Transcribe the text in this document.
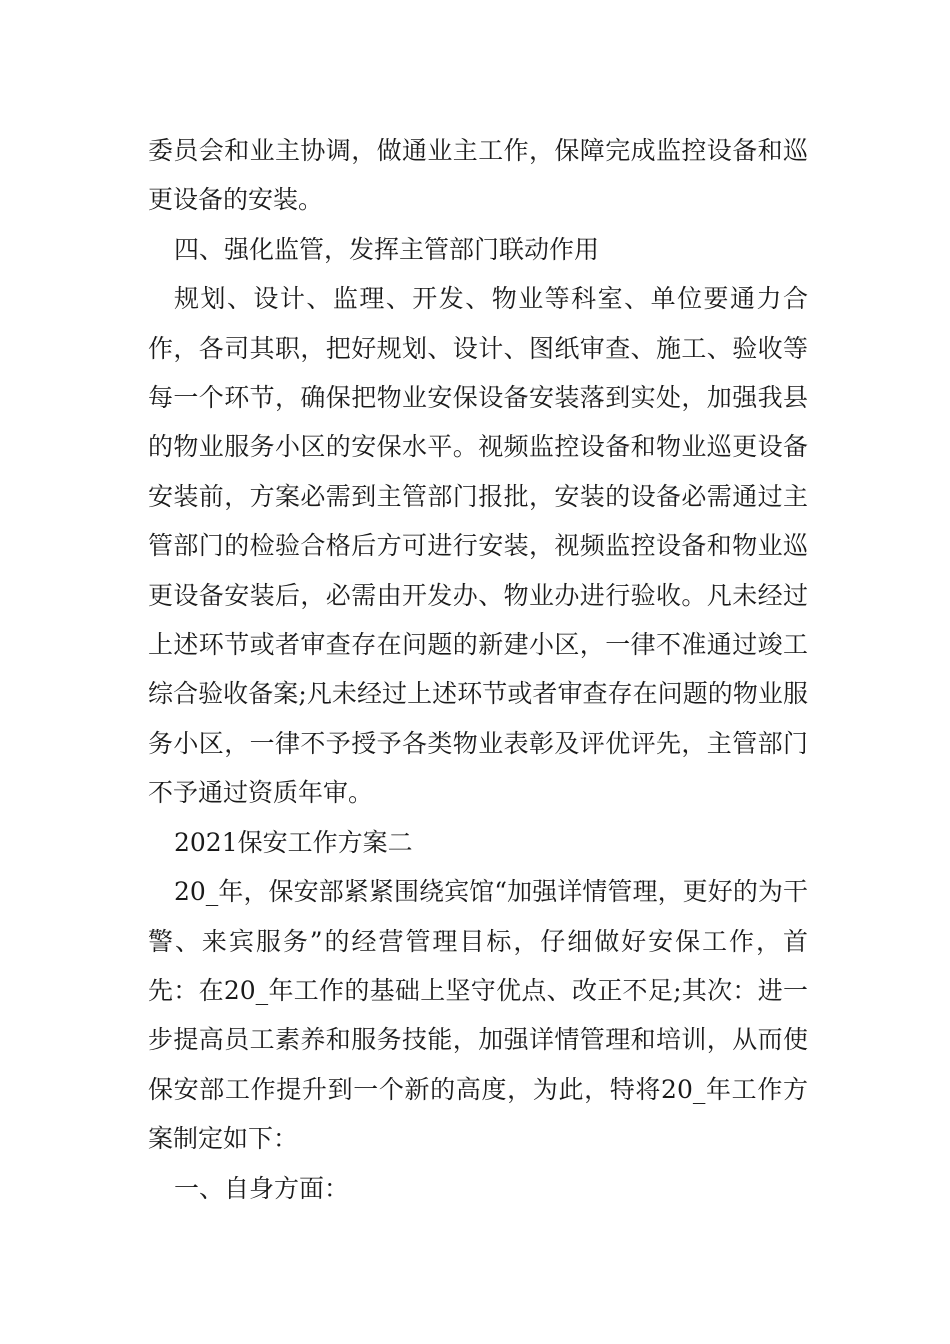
委员会和业主协调，做通业主工作，保障完成监控设备和巡更设备的安装。

四、强化监管，发挥主管部门联动作用

规划、设计、监理、开发、物业等科室、单位要通力合作，各司其职，把好规划、设计、图纸审查、施工、验收等每一个环节，确保把物业安保设备安装落到实处，加强我县的物业服务小区的安保水平。视频监控设备和物业巡更设备安装前，方案必需到主管部门报批，安装的设备必需通过主管部门的检验合格后方可进行安装，视频监控设备和物业巡更设备安装后，必需由开发办、物业办进行验收。凡未经过上述环节或者审查存在问题的新建小区，一律不准通过竣工综合验收备案;凡未经过上述环节或者审查存在问题的物业服务小区，一律不予授予各类物业表彰及评优评先，主管部门不予通过资质年审。

2021保安工作方案二

20_年，保安部紧紧围绕宾馆“加强详情管理，更好的为干警、来宾服务”的经营管理目标，仔细做好安保工作，首先：在20_年工作的基础上坚守优点、改正不足;其次：进一步提高员工素养和服务技能，加强详情管理和培训，从而使保安部工作提升到一个新的高度，为此，特将20_年工作方案制定如下：

一、自身方面：
